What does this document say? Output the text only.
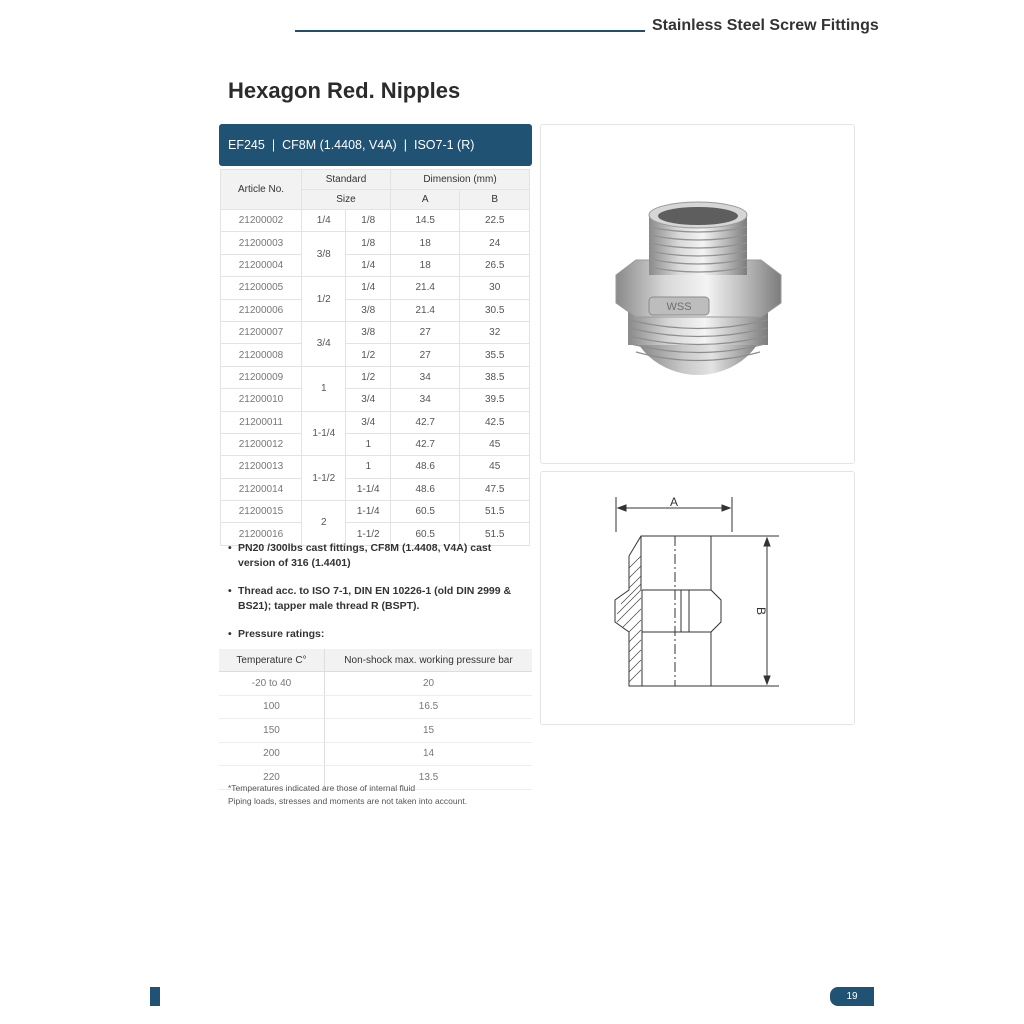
Stainless Steel Screw Fittings
Hexagon Red. Nipples
EF245 | CF8M (1.4408, V4A) | ISO7-1 (R)
Article No.	Standard		Dimension (mm)	
	Size		A	B
21200002	1/4	1/8	14.5	22.5
21200003	3/8	1/8	18	24
21200004		1/4	18	26.5
21200005	1/2	1/4	21.4	30
21200006		3/8	21.4	30.5
21200007	3/4	3/8	27	32
21200008		1/2	27	35.5
21200009	1	1/2	34	38.5
21200010		3/4	34	39.5
21200011	1-1/4	3/4	42.7	42.5
21200012		1	42.7	45
21200013	1-1/2	1	48.6	45
21200014		1-1/4	48.6	47.5
21200015	2	1-1/4	60.5	51.5
21200016		1-1/2	60.5	51.5
• PN20 /300lbs cast fittings, CF8M (1.4408, V4A) cast version of 316 (1.4401)
• Thread acc. to ISO 7-1, DIN EN 10226-1 (old DIN 2999 & BS21); tapper male thread R (BSPT).
• Pressure ratings:
Temperature C°	Non-shock max. working pressure bar
-20 to 40	20
100	16.5
150	15
200	14
220	13.5
*Temperatures indicated are those of internal fluid
Piping loads, stresses and moments are not taken into account.
WSS
A
B
19
